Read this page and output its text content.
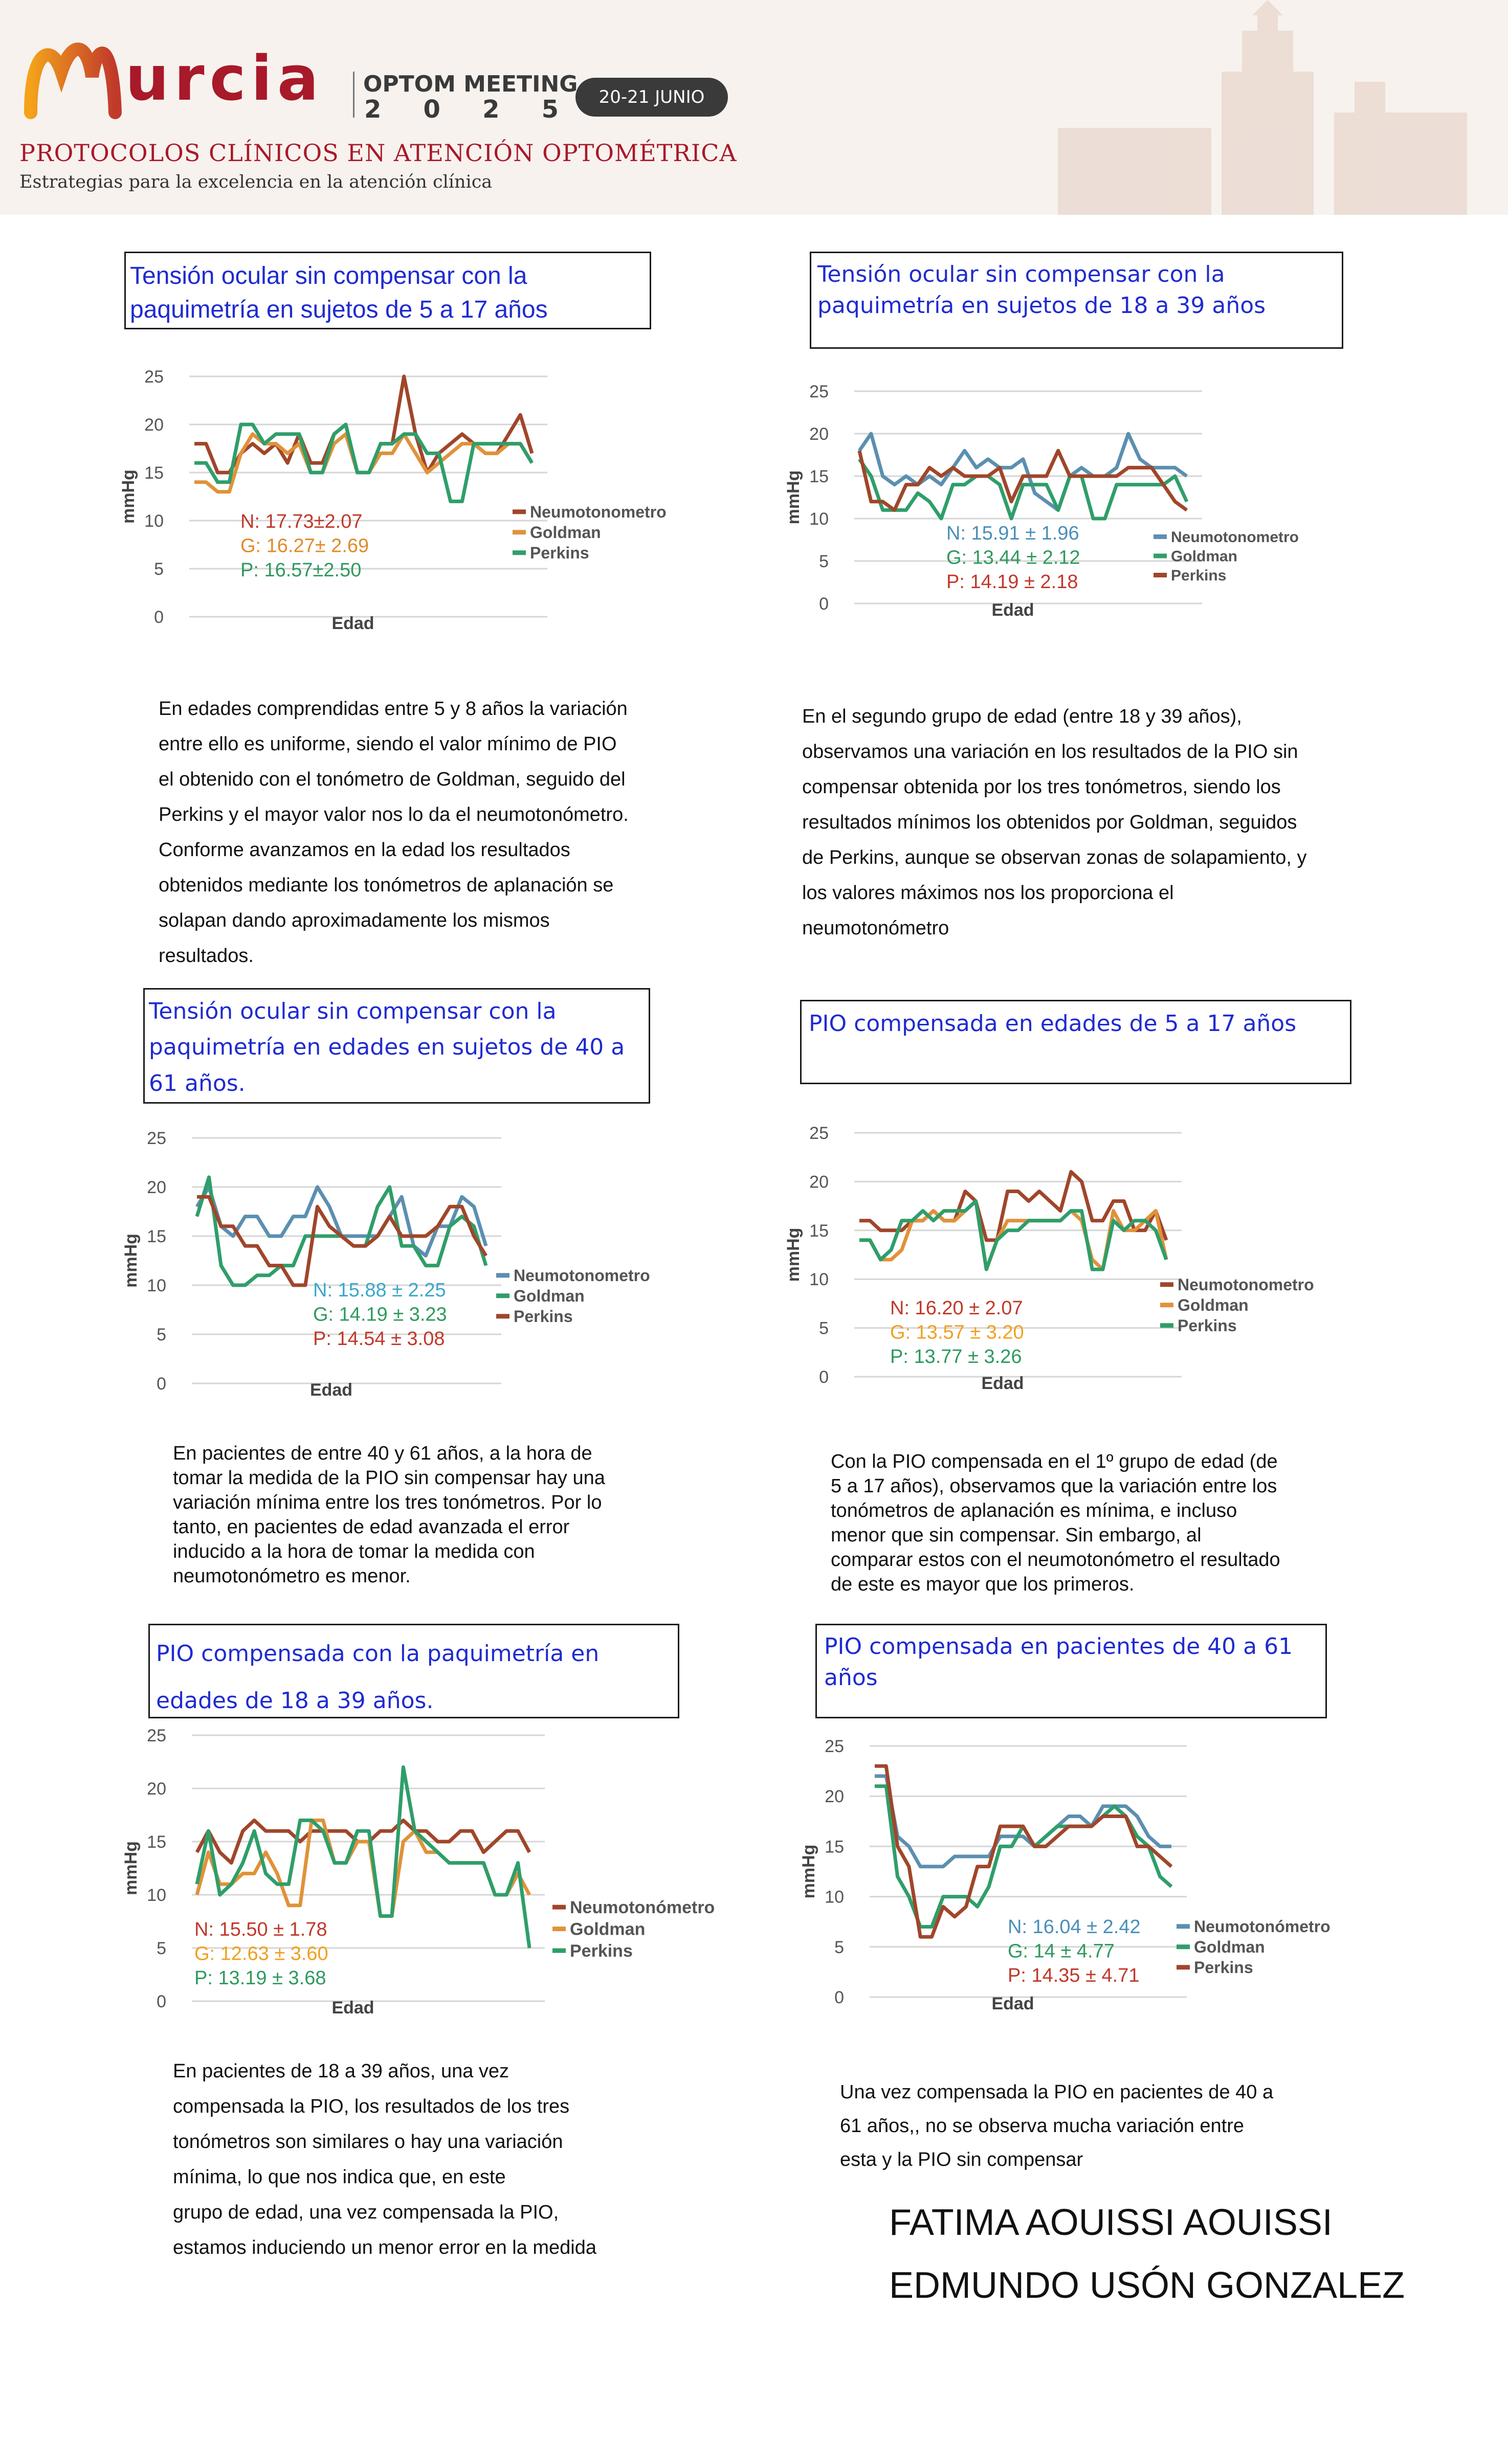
urcia OPTOM MEETING
2 0 2 5 20-21 JUNIO
PROTOCOLOS CLÍNICOS EN ATENCIÓN OPTOMÉTRICA
Estrategias para la excelencia en la atención clínica
Tensión ocular sin compensar con la paquimetría en sujetos de 5 a 17 años
Tensión ocular sin compensar con la paquimetría en sujetos de 18 a 39 años
Tensión ocular sin compensar con la paquimetría en edades en sujetos de 40 a 61 años.
PIO compensada en edades de 5 a 17 años
PIO compensada con la paquimetría en edades de 18 a 39 años.
PIO compensada en pacientes de 40 a 61 años
0
5
10
15
20
25
mmHg
Edad
N: 17.73±2.07
G: 16.27± 2.69
P: 16.57±2.50
Neumotonometro
Goldman
Perkins
0
5
10
15
20
25
mmHg
Edad
N: 15.91 ± 1.96
G: 13.44 ± 2.12
P: 14.19 ± 2.18
Neumotonometro
Goldman
Perkins
0
5
10
15
20
25
mmHg
Edad
N: 15.88 ± 2.25
G: 14.19 ± 3.23
P: 14.54 ± 3.08
Neumotonometro
Goldman
Perkins
0
5
10
15
20
25
mmHg
Edad
N: 16.20 ± 2.07
G: 13.57 ± 3.20
P: 13.77 ± 3.26
Neumotonometro
Goldman
Perkins
0
5
10
15
20
25
mmHg
Edad
N: 15.50 ± 1.78
G: 12.63 ± 3.60
P: 13.19 ± 3.68
Neumotonómetro
Goldman
Perkins
0
5
10
15
20
25
mmHg
Edad
N: 16.04 ± 2.42
G: 14 ± 4.77
P: 14.35 ± 4.71
Neumotonómetro
Goldman
Perkins
En edades comprendidas entre 5 y 8 años la variación
entre ello es uniforme, siendo el valor mínimo de PIO
el obtenido con el tonómetro de Goldman, seguido del
Perkins y el mayor valor nos lo da el neumotonómetro.
Conforme avanzamos en la edad los resultados
obtenidos mediante los tonómetros de aplanación se
solapan dando aproximadamente los mismos
resultados.
En el segundo grupo de edad (entre 18 y 39 años),
observamos una variación en los resultados de la PIO sin
compensar obtenida por los tres tonómetros, siendo los
resultados mínimos los obtenidos por Goldman, seguidos
de Perkins, aunque se observan zonas de solapamiento, y
los valores máximos nos los proporciona el
neumotonómetro
En pacientes de entre 40 y 61 años, a la hora de
tomar la medida de la PIO sin compensar hay una
variación mínima entre los tres tonómetros. Por lo
tanto, en pacientes de edad avanzada el error
inducido a la hora de tomar la medida con
neumotonómetro es menor.
Con la PIO compensada en el 1º grupo de edad (de
5 a 17 años), observamos que la variación entre los
tonómetros de aplanación es mínima, e incluso
menor que sin compensar. Sin embargo, al
comparar estos con el neumotonómetro el resultado
de este es mayor que los primeros.
En pacientes de 18 a 39 años, una vez
compensada la PIO, los resultados de los tres
tonómetros son similares o hay una variación
mínima, lo que nos indica que, en este
grupo de edad, una vez compensada la PIO,
estamos induciendo un menor error en la medida
Una vez compensada la PIO en pacientes de 40 a
61 años,, no se observa mucha variación entre
esta y la PIO sin compensar
FATIMA AOUISSI AOUISSI
EDMUNDO USÓN GONZALEZ
